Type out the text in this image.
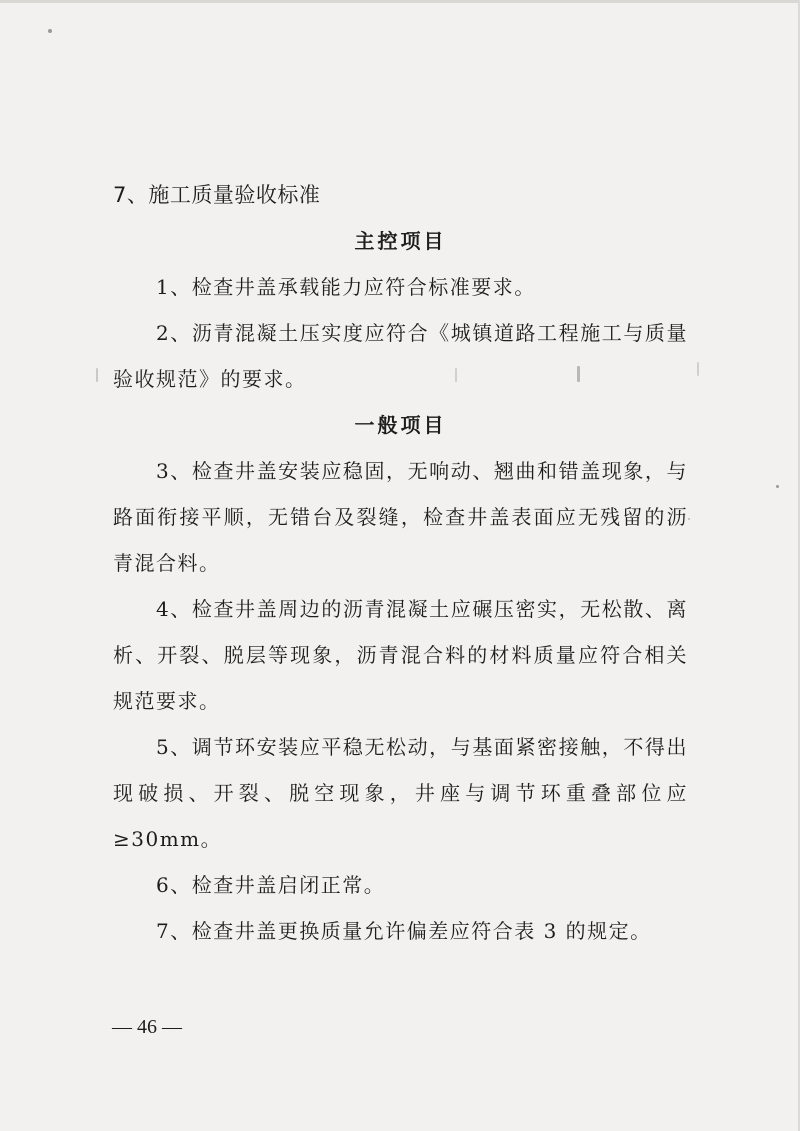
7、施工质量验收标准
主控项目

1、检查井盖承载能力应符合标准要求。

2、沥青混凝土压实度应符合《城镇道路工程施工与质量验收规范》的要求。

一般项目

3、检查井盖安装应稳固，无响动、翘曲和错盖现象，与路面衔接平顺，无错台及裂缝，检查井盖表面应无残留的沥青混合料。

4、检查井盖周边的沥青混凝土应碾压密实，无松散、离析、开裂、脱层等现象，沥青混合料的材料质量应符合相关规范要求。

5、调节环安装应平稳无松动，与基面紧密接触，不得出现破损、开裂、脱空现象，井座与调节环重叠部位应≥30mm。

6、检查井盖启闭正常。

7、检查井盖更换质量允许偏差应符合表 3 的规定。

— 46 —
